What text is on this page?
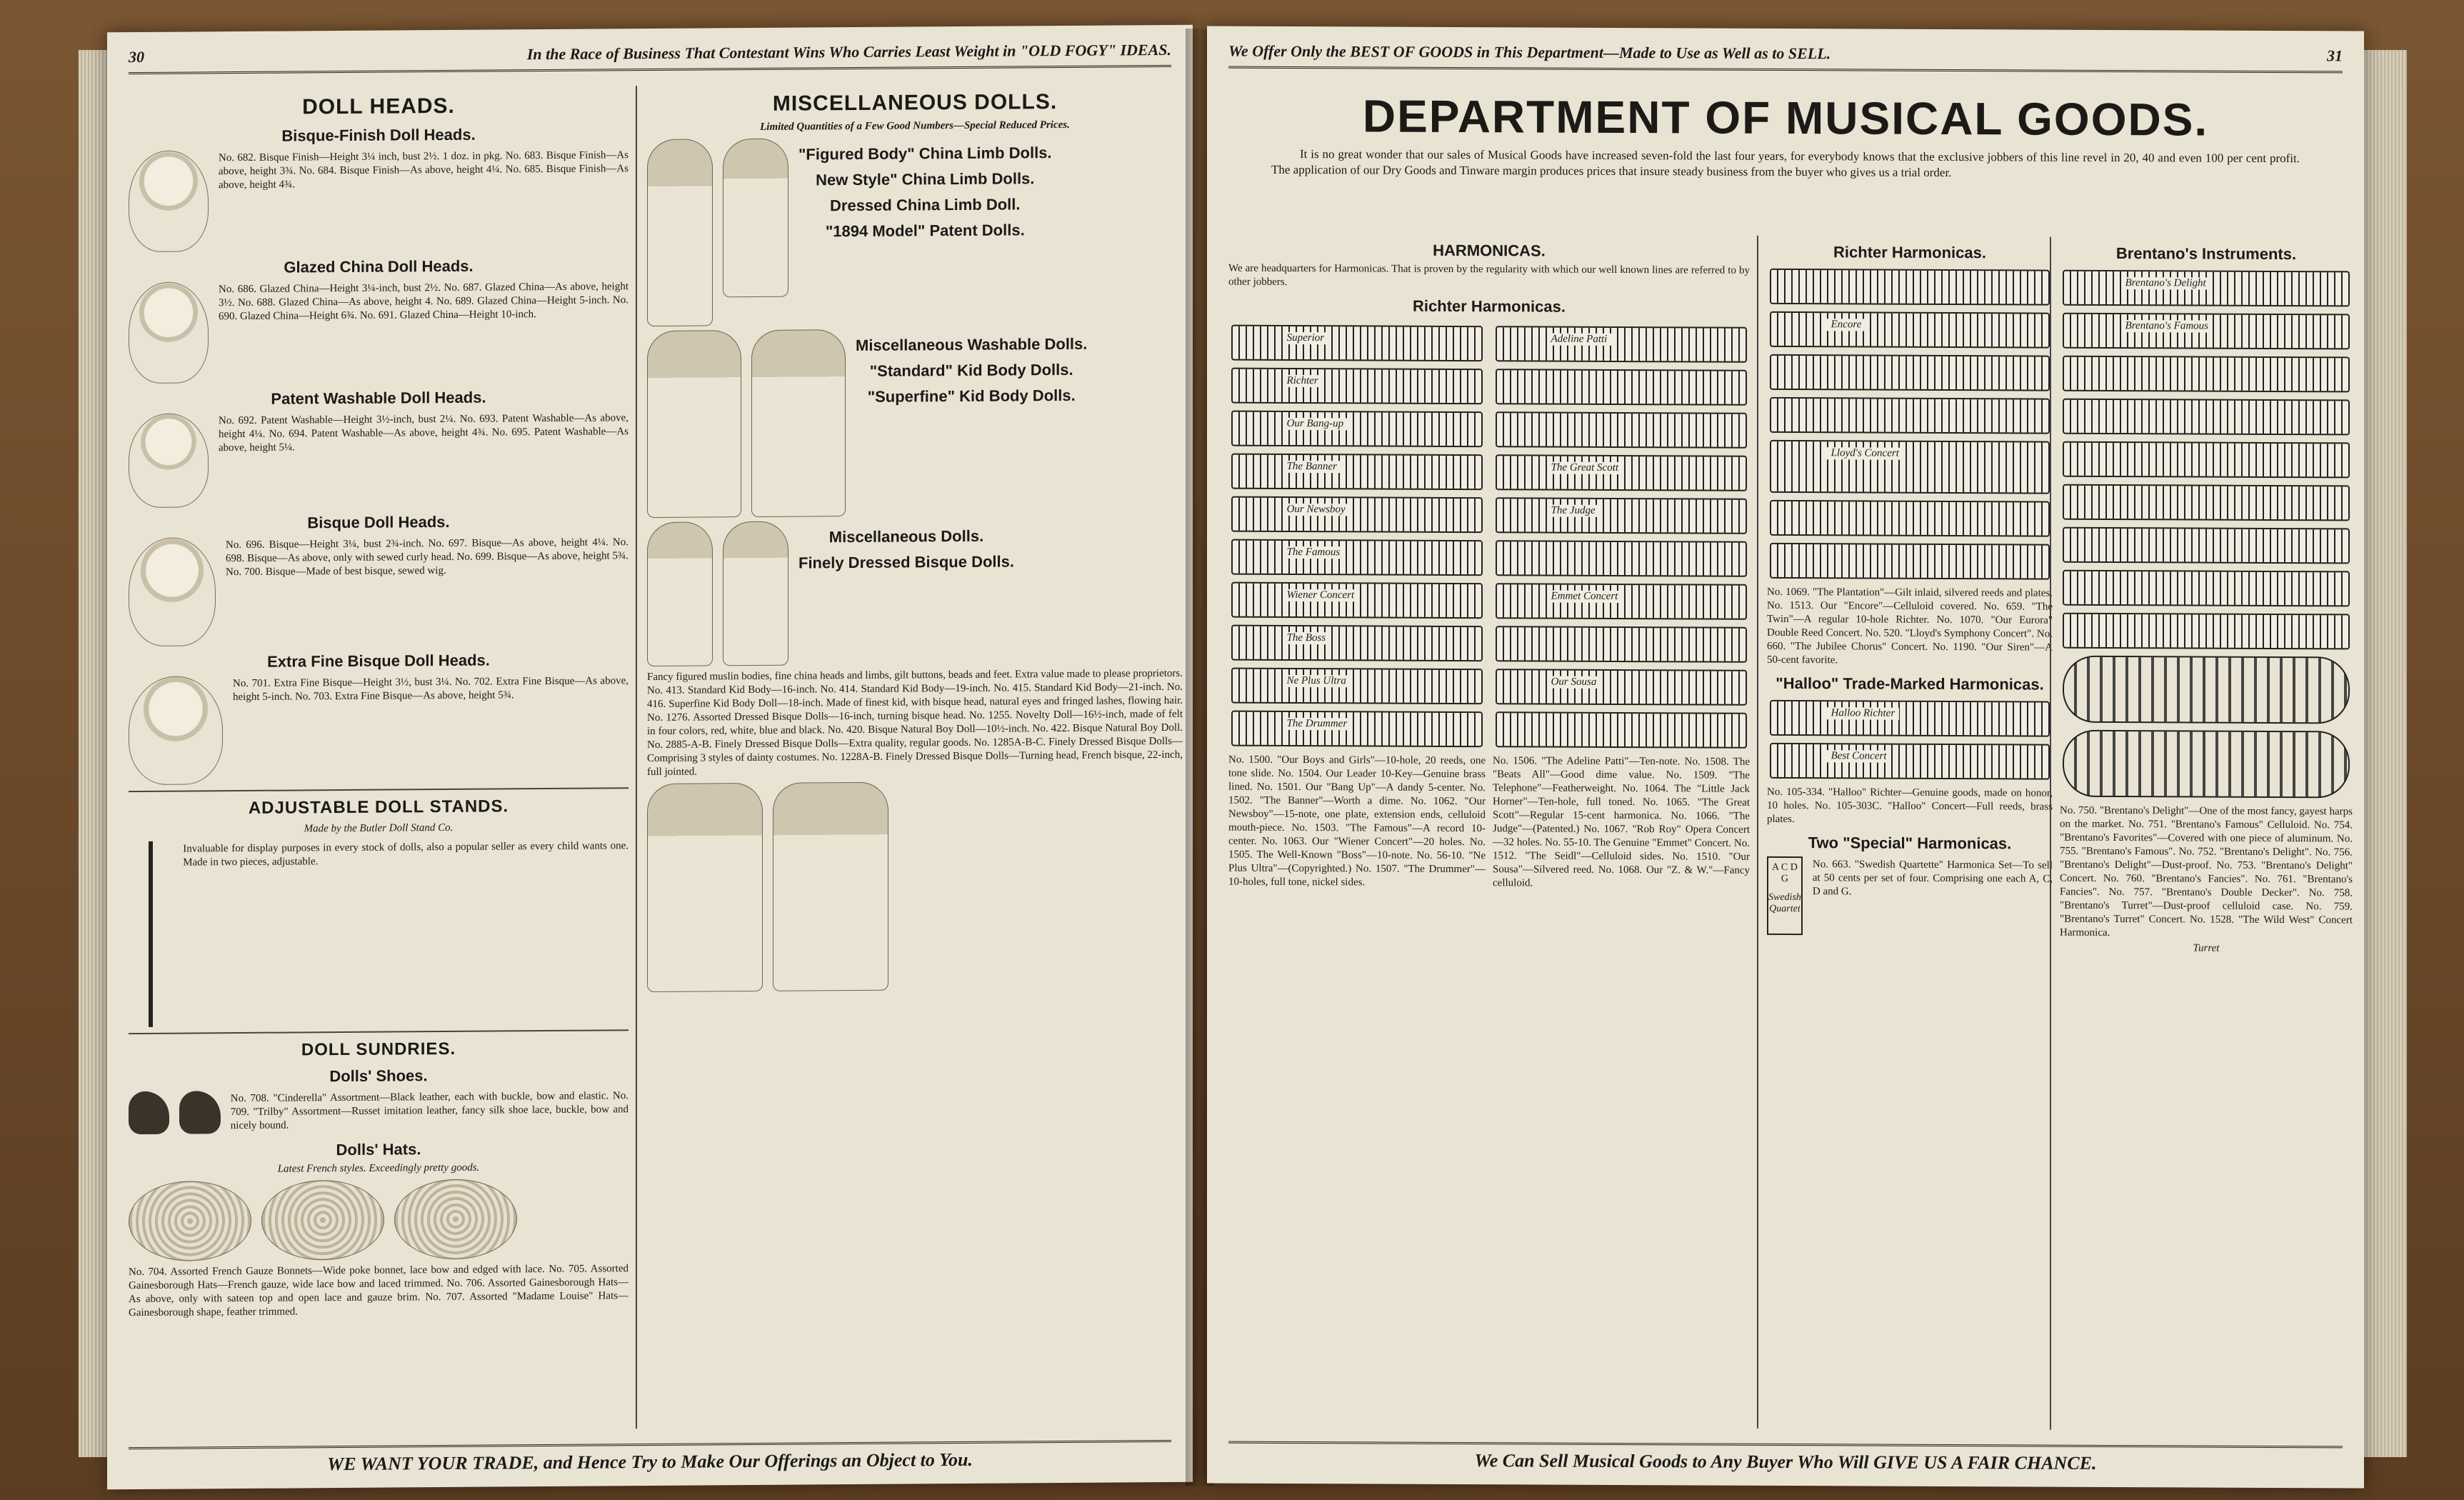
30	In the Race of Business That Contestant Wins Who Carries Least Weight in "OLD FOGY" IDEAS.
DOLL HEADS.
Bisque-Finish Doll Heads.

No. 682. Bisque Finish—Height 3¼ inch, bust 2½. 1 doz. in pkg. No. 683. Bisque Finish—As above, height 3¾. No. 684. Bisque Finish—As above, height 4¼. No. 685. Bisque Finish—As above, height 4¾.

Glazed China Doll Heads.

No. 686. Glazed China—Height 3¼-inch, bust 2½. No. 687. Glazed China—As above, height 3½. No. 688. Glazed China—As above, height 4. No. 689. Glazed China—Height 5-inch. No. 690. Glazed China—Height 6¾. No. 691. Glazed China—Height 10-inch.

Patent Washable Doll Heads.

No. 692. Patent Washable—Height 3½-inch, bust 2¼. No. 693. Patent Washable—As above, height 4¼. No. 694. Patent Washable—As above, height 4¾. No. 695. Patent Washable—As above, height 5¼.

Bisque Doll Heads.

No. 696. Bisque—Height 3¼, bust 2¾-inch. No. 697. Bisque—As above, height 4¼. No. 698. Bisque—As above, only with sewed curly head. No. 699. Bisque—As above, height 5¾. No. 700. Bisque—Made of best bisque, sewed wig.

Extra Fine Bisque Doll Heads.

No. 701. Extra Fine Bisque—Height 3½, bust 3¼. No. 702. Extra Fine Bisque—As above, height 5-inch. No. 703. Extra Fine Bisque—As above, height 5¾.

ADJUSTABLE DOLL STANDS.

Made by the Butler Doll Stand Co.

Invaluable for display purposes in every stock of dolls, also a popular seller as every child wants one. Made in two pieces, adjustable.

DOLL SUNDRIES.
Dolls' Shoes.

No. 708. "Cinderella" Assortment—Black leather, each with buckle, bow and elastic. No. 709. "Trilby" Assortment—Russet imitation leather, fancy silk shoe lace, buckle, bow and nicely bound.

Dolls' Hats.

Latest French styles. Exceedingly pretty goods.

No. 704. Assorted French Gauze Bonnets—Wide poke bonnet, lace bow and edged with lace. No. 705. Assorted Gainesborough Hats—French gauze, wide lace bow and laced trimmed. No. 706. Assorted Gainesborough Hats—As above, only with sateen top and open lace and gauze brim. No. 707. Assorted "Madame Louise" Hats—Gainesborough shape, feather trimmed.

MISCELLANEOUS DOLLS.

Limited Quantities of a Few Good Numbers—Special Reduced Prices.

"Figured Body" China Limb Dolls.
New Style" China Limb Dolls.
Dressed China Limb Doll.
"1894 Model" Patent Dolls.
Miscellaneous Washable Dolls.
"Standard" Kid Body Dolls.
"Superfine" Kid Body Dolls.
Miscellaneous Dolls.
Finely Dressed Bisque Dolls.

Fancy figured muslin bodies, fine china heads and limbs, gilt buttons, beads and feet. Extra value made to please proprietors. No. 413. Standard Kid Body—16-inch. No. 414. Standard Kid Body—19-inch. No. 415. Standard Kid Body—21-inch. No. 416. Superfine Kid Body Doll—18-inch. Made of finest kid, with bisque head, natural eyes and fringed lashes, flowing hair. No. 1276. Assorted Dressed Bisque Dolls—16-inch, turning bisque head. No. 1255. Novelty Doll—16½-inch, made of felt in four colors, red, white, blue and black. No. 420. Bisque Natural Boy Doll—10½-inch. No. 422. Bisque Natural Boy Doll. No. 2885-A-B. Finely Dressed Bisque Dolls—Extra quality, regular goods. No. 1285A-B-C. Finely Dressed Bisque Dolls—Comprising 3 styles of dainty costumes. No. 1228A-B. Finely Dressed Bisque Dolls—Turning head, French bisque, 22-inch, full jointed.

WE WANT YOUR TRADE, and Hence Try to Make Our Offerings an Object to You.
We Offer Only the BEST OF GOODS in This Department—Made to Use as Well as to SELL.	31
DEPARTMENT OF MUSICAL GOODS.

It is no great wonder that our sales of Musical Goods have increased seven-fold the last four years, for everybody knows that the exclusive jobbers of this line revel in 20, 40 and even 100 per cent profit. The application of our Dry Goods and Tinware margin produces prices that insure steady business from the buyer who gives us a trial order.

HARMONICAS.

We are headquarters for Harmonicas. That is proven by the regularity with which our well known lines are referred to by other jobbers.

Richter Harmonicas.
Superior
Richter
Our Bang-up
The Banner
Our Newsboy
The Famous
Wiener Concert
The Boss
Ne Plus Ultra
The Drummer

No. 1500. "Our Boys and Girls"—10-hole, 20 reeds, one tone slide. No. 1504. Our Leader 10-Key—Genuine brass lined. No. 1501. Our "Bang Up"—A dandy 5-center. No. 1502. "The Banner"—Worth a dime. No. 1062. "Our Newsboy"—15-note, one plate, extension ends, celluloid mouth-piece. No. 1503. "The Famous"—A record 10-center. No. 1063. Our "Wiener Concert"—20 holes. No. 1505. The Well-Known "Boss"—10-note. No. 56-10. "Ne Plus Ultra"—(Copyrighted.) No. 1507. "The Drummer"—10-holes, full tone, nickel sides.

Adeline Patti
The Great Scott
The Judge
Emmet Concert
Our Sousa

No. 1506. "The Adeline Patti"—Ten-note. No. 1508. The "Beats All"—Good dime value. No. 1509. "The Telephone"—Featherweight. No. 1064. The "Little Jack Horner"—Ten-hole, full toned. No. 1065. "The Great Scott"—Regular 15-cent harmonica. No. 1066. "The Judge"—(Patented.) No. 1067. "Rob Roy" Opera Concert—32 holes. No. 55-10. The Genuine "Emmet" Concert. No. 1512. "The Seidl"—Celluloid sides. No. 1510. "Our Sousa"—Silvered reed. No. 1068. Our "Z. & W."—Fancy celluloid.

Richter Harmonicas.
Encore
Lloyd's Concert

No. 1069. "The Plantation"—Gilt inlaid, silvered reeds and plates. No. 1513. Our "Encore"—Celluloid covered. No. 659. "The Twin"—A regular 10-hole Richter. No. 1070. "Our Eurora" Double Reed Concert. No. 520. "Lloyd's Symphony Concert". No. 660. "The Jubilee Chorus" Concert. No. 1190. "Our Siren"—A 50-cent favorite.

"Halloo" Trade-Marked Harmonicas.
Halloo Richter
Best Concert

No. 105-334. "Halloo" Richter—Genuine goods, made on honor, 10 holes. No. 105-303C. "Halloo" Concert—Full reeds, brass plates.

Two "Special" Harmonicas.
A C D G
Swedish Quartet

No. 663. "Swedish Quartette" Harmonica Set—To sell at 50 cents per set of four. Comprising one each A, C, D and G.

Brentano's Instruments.
Brentano's Delight
Brentano's Famous

No. 750. "Brentano's Delight"—One of the most fancy, gayest harps on the market. No. 751. "Brentano's Famous" Celluloid. No. 754. "Brentano's Favorites"—Covered with one piece of aluminum. No. 755. "Brentano's Famous". No. 752. "Brentano's Delight". No. 756. "Brentano's Delight"—Dust-proof. No. 753. "Brentano's Delight" Concert. No. 760. "Brentano's Fancies". No. 761. "Brentano's Fancies". No. 757. "Brentano's Double Decker". No. 758. "Brentano's Turret"—Dust-proof celluloid case. No. 759. "Brentano's Turret" Concert. No. 1528. "The Wild West" Concert Harmonica.

Turret

We Can Sell Musical Goods to Any Buyer Who Will GIVE US A FAIR CHANCE.
